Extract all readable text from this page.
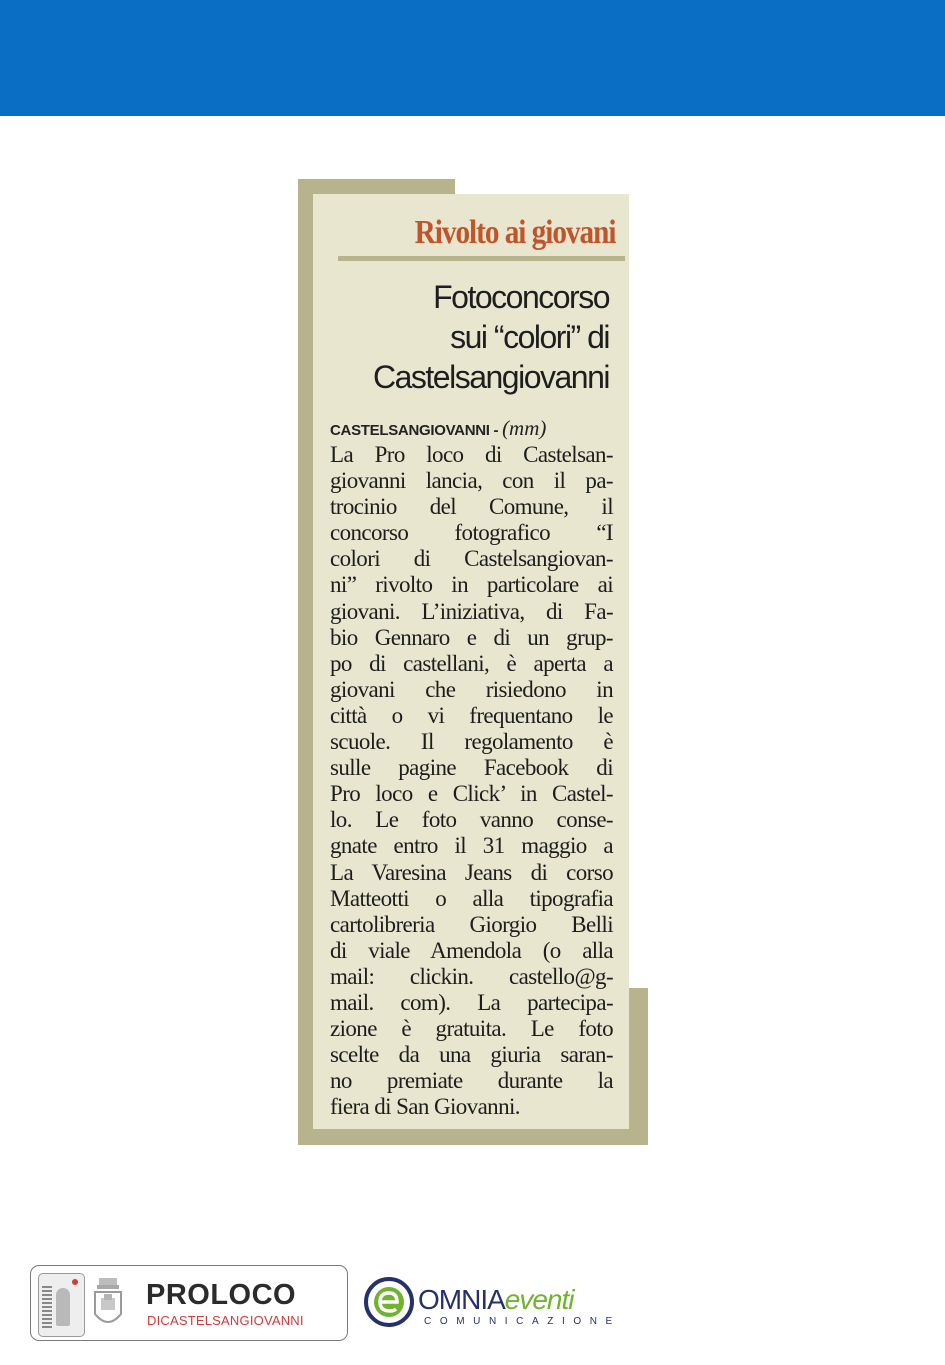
Rivolto ai giovani
Fotoconcorso
sui “colori” di
Castelsangiovanni
CASTELSANGIOVANNI - (mm)
La Pro loco di Castelsan-
giovanni lancia, con il pa-
trocinio del Comune, il
concorso fotografico “I
colori di Castelsangiovan-
ni” rivolto in particolare ai
giovani. L’iniziativa, di Fa-
bio Gennaro e di un grup-
po di castellani, è aperta a
giovani che risiedono in
città o vi frequentano le
scuole. Il regolamento è
sulle pagine Facebook di
Pro loco e Click’ in Castel-
lo. Le foto vanno conse-
gnate entro il 31 maggio a
La Varesina Jeans di corso
Matteotti o alla tipografia
cartolibreria Giorgio Belli
di viale Amendola (o alla
mail: clickin. castello@g-
mail. com). La partecipa-
zione è gratuita. Le foto
scelte da una giuria saran-
no premiate durante la
fiera di San Giovanni.
PROLOCO
DICASTELSANGIOVANNI
OMNIAeventi
COMUNICAZIONE
